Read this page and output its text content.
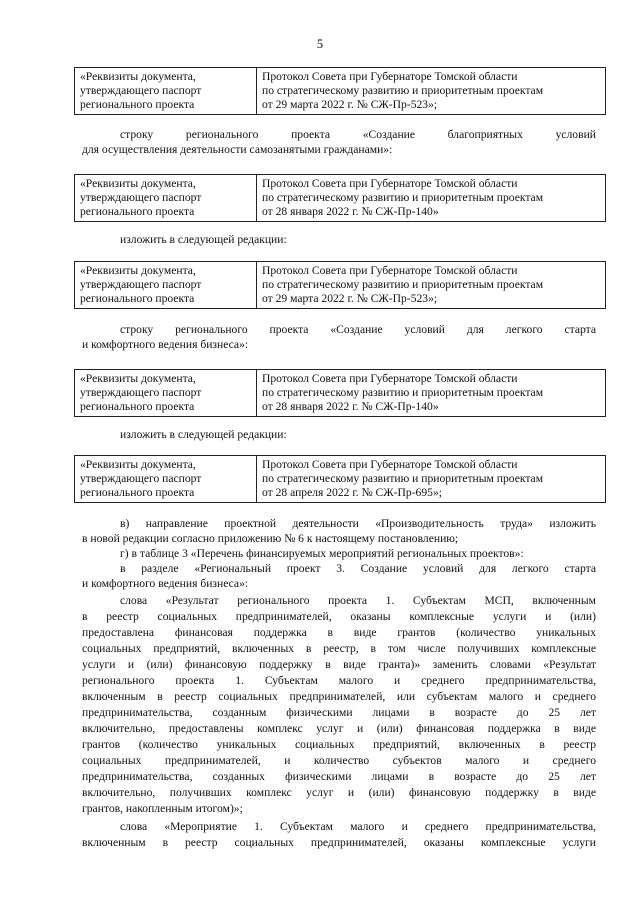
5
«Реквизиты документа,
утверждающего паспорт
регионального проекта

Протокол Совета при Губернаторе Томской области
по стратегическому развитию и приоритетным проектам
от 29 марта 2022 г. № СЖ-Пр-523»;
строку регионального проекта «Создание благоприятных условий
для осуществления деятельности самозанятыми гражданами»:
«Реквизиты документа,
утверждающего паспорт
регионального проекта

Протокол Совета при Губернаторе Томской области
по стратегическому развитию и приоритетным проектам
от 28 января 2022 г. № СЖ-Пр-140»
изложить в следующей редакции:
«Реквизиты документа,
утверждающего паспорт
регионального проекта

Протокол Совета при Губернаторе Томской области
по стратегическому развитию и приоритетным проектам
от 29 марта 2022 г. № СЖ-Пр-523»;
строку регионального проекта «Создание условий для легкого старта
и комфортного ведения бизнеса»:
«Реквизиты документа,
утверждающего паспорт
регионального проекта

Протокол Совета при Губернаторе Томской области
по стратегическому развитию и приоритетным проектам
от 28 января 2022 г. № СЖ-Пр-140»
изложить в следующей редакции:
«Реквизиты документа,
утверждающего паспорт
регионального проекта

Протокол Совета при Губернаторе Томской области
по стратегическому развитию и приоритетным проектам
от 28 апреля 2022 г. № СЖ-Пр-695»;
в) направление проектной деятельности «Производительность труда» изложить
в новой редакции согласно приложению № 6 к настоящему постановлению;
г) в таблице 3 «Перечень финансируемых мероприятий региональных проектов»:
в разделе «Региональный проект 3. Создание условий для легкого старта
и комфортного ведения бизнеса»:
слова «Результат регионального проекта 1. Субъектам МСП, включенным
в реестр социальных предпринимателей, оказаны комплексные услуги и (или)
предоставлена финансовая поддержка в виде грантов (количество уникальных
социальных предприятий, включенных в реестр, в том числе получивших комплексные
услуги и (или) финансовую поддержку в виде гранта)» заменить словами «Результат
регионального проекта 1. Субъектам малого и среднего предпринимательства,
включенным в реестр социальных предпринимателей, или субъектам малого и среднего
предпринимательства, созданным физическими лицами в возрасте до 25 лет
включительно, предоставлены комплекс услуг и (или) финансовая поддержка в виде
грантов (количество уникальных социальных предприятий, включенных в реестр
социальных предпринимателей, и количество субъектов малого и среднего
предпринимательства, созданных физическими лицами в возрасте до 25 лет
включительно, получивших комплекс услуг и (или) финансовую поддержку в виде
грантов, накопленным итогом)»;
слова «Мероприятие 1. Субъектам малого и среднего предпринимательства,
включенным в реестр социальных предпринимателей, оказаны комплексные услуги
